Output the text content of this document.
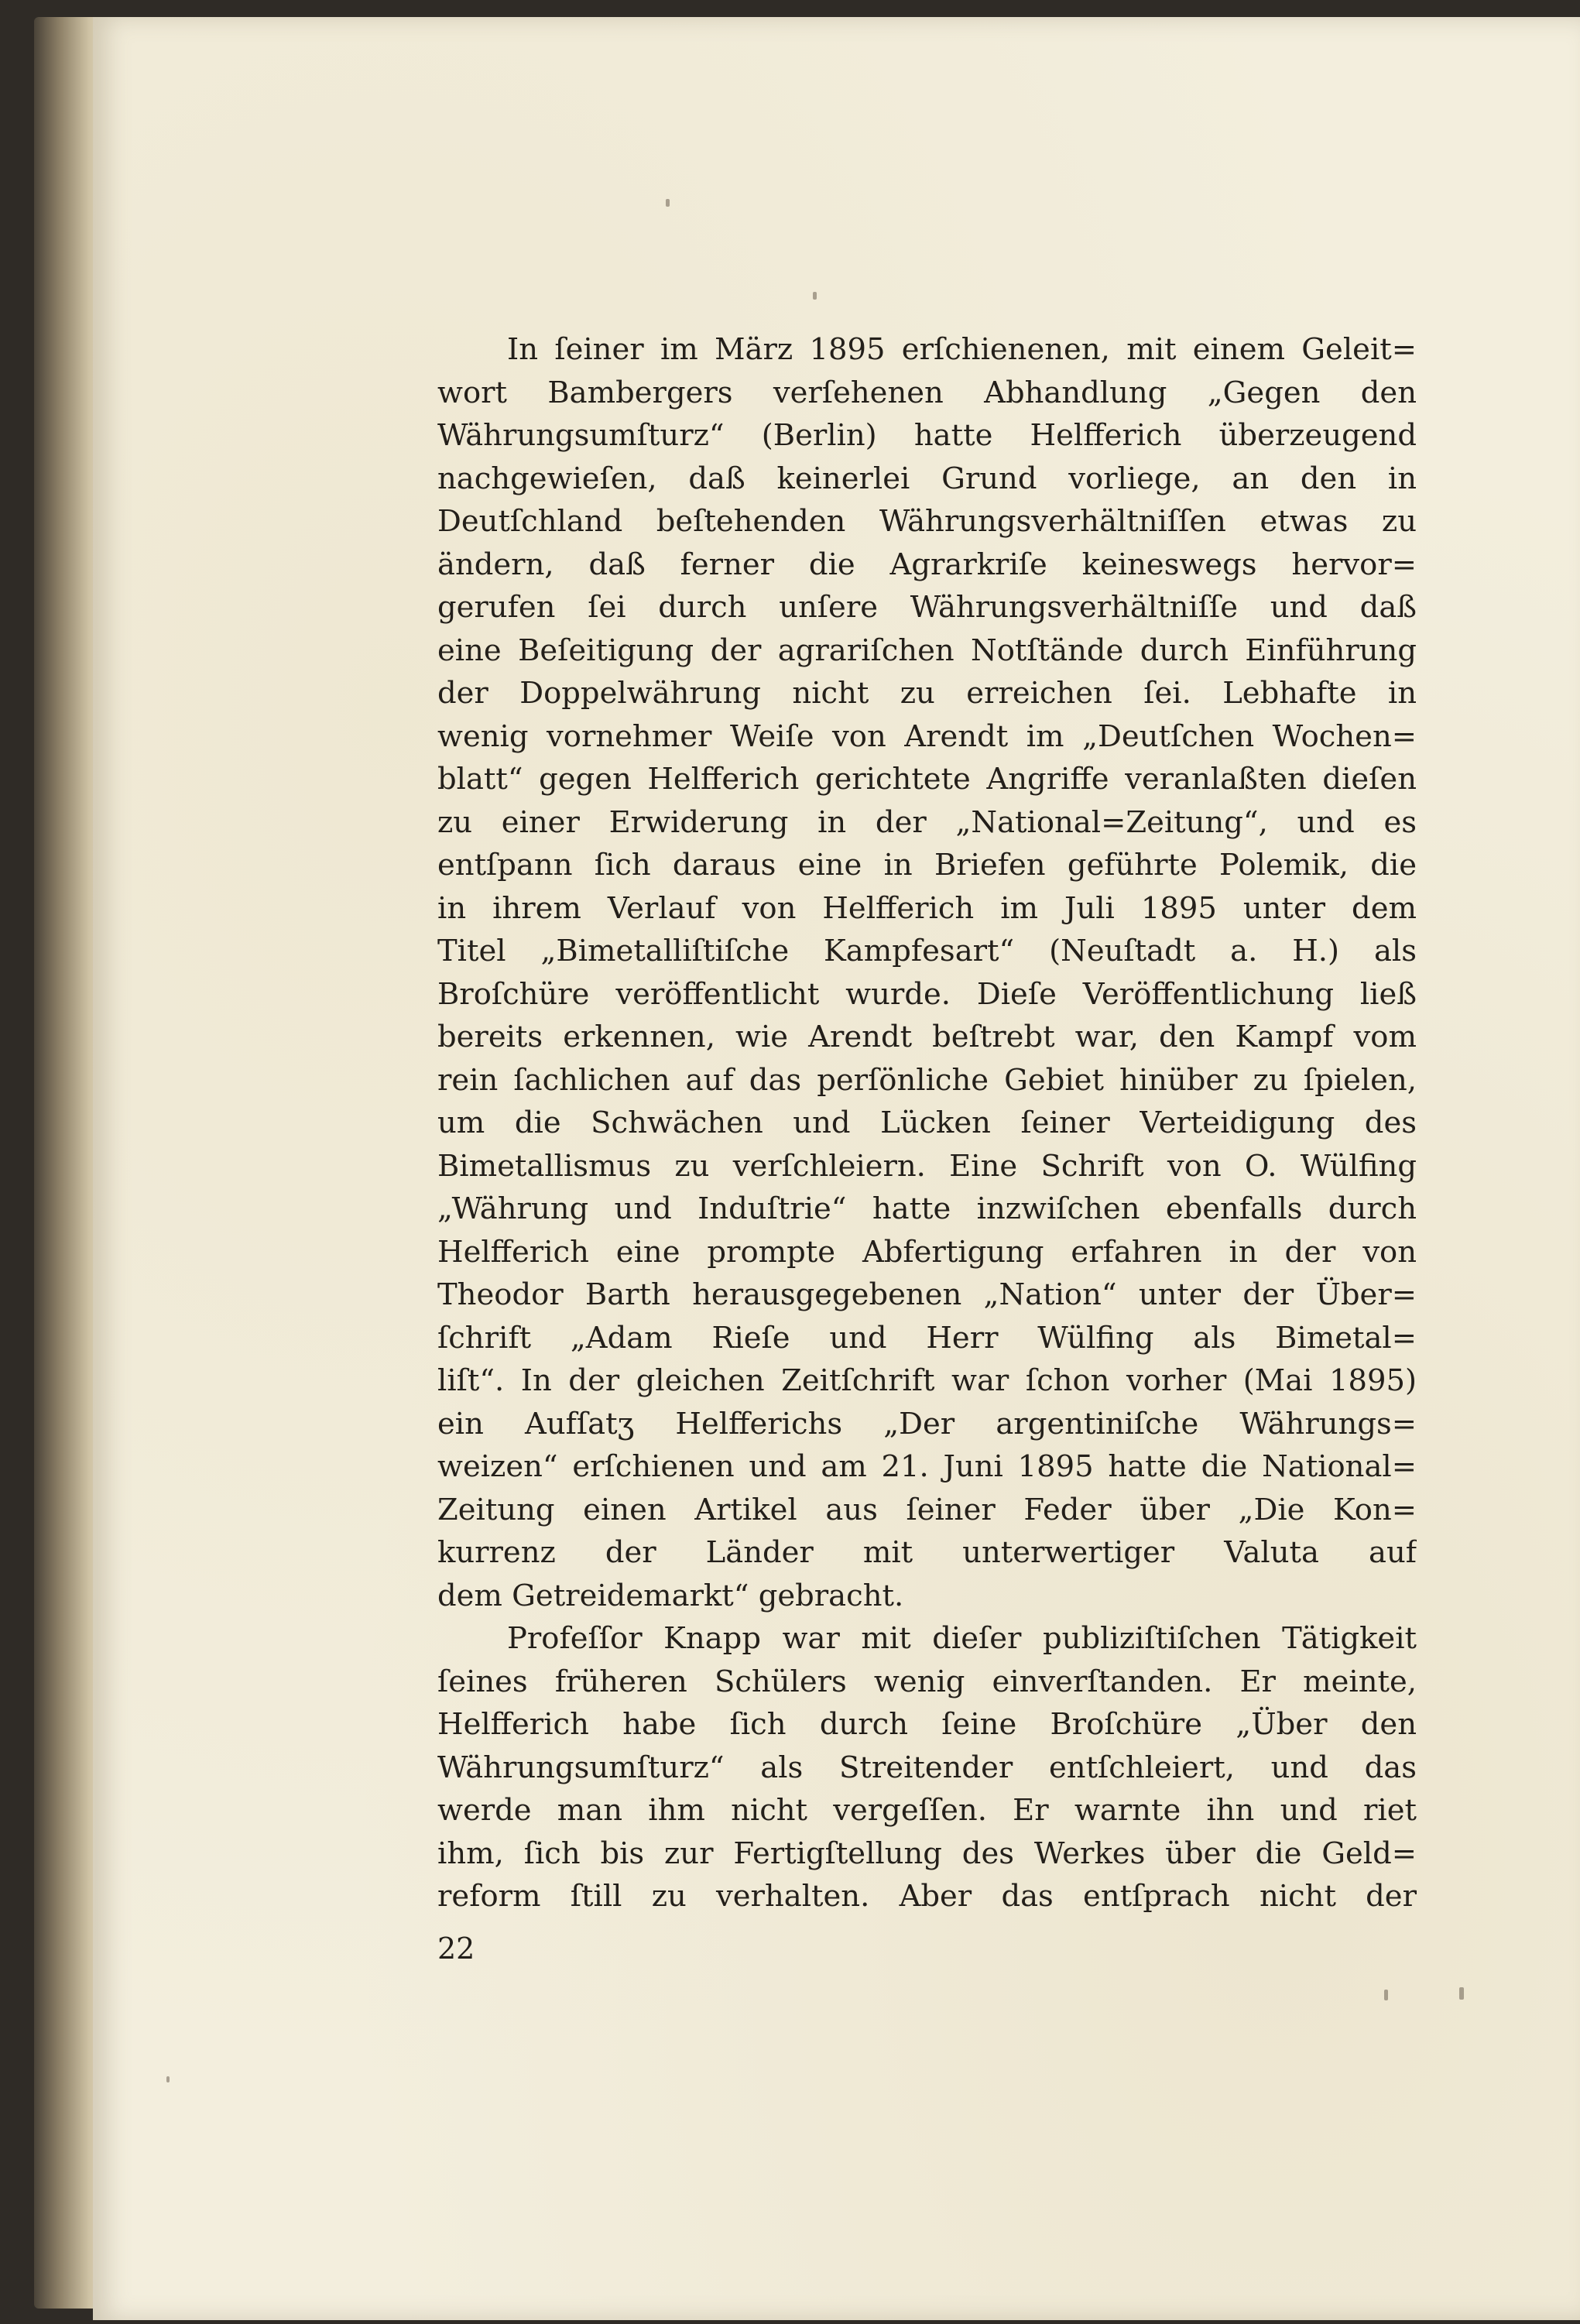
In ſeiner im März 1895 erſchienenen, mit einem Geleit=
wort Bambergers verſehenen Abhandlung „Gegen den
Währungsumſturz“ (Berlin) hatte Helfferich überzeugend
nachgewieſen, daß keinerlei Grund vorliege, an den in
Deutſchland beſtehenden Währungsverhältniſſen etwas zu
ändern, daß ferner die Agrarkriſe keineswegs hervor=
gerufen ſei durch unſere Währungsverhältniſſe und daß
eine Beſeitigung der agrariſchen Notſtände durch Einführung
der Doppelwährung nicht zu erreichen ſei. Lebhafte in
wenig vornehmer Weiſe von Arendt im „Deutſchen Wochen=
blatt“ gegen Helfferich gerichtete Angriffe veranlaßten dieſen
zu einer Erwiderung in der „National=Zeitung“, und es
entſpann ſich daraus eine in Briefen geführte Polemik, die
in ihrem Verlauf von Helfferich im Juli 1895 unter dem
Titel „Bimetalliſtiſche Kampfesart“ (Neuſtadt a. H.) als
Broſchüre veröffentlicht wurde. Dieſe Veröffentlichung ließ
bereits erkennen, wie Arendt beſtrebt war, den Kampf vom
rein ſachlichen auf das perſönliche Gebiet hinüber zu ſpielen,
um die Schwächen und Lücken ſeiner Verteidigung des
Bimetallismus zu verſchleiern. Eine Schrift von O. Wülfing
„Währung und Induſtrie“ hatte inzwiſchen ebenfalls durch
Helfferich eine prompte Abfertigung erfahren in der von
Theodor Barth herausgegebenen „Nation“ unter der Über=
ſchrift „Adam Rieſe und Herr Wülfing als Bimetal=
liſt“. In der gleichen Zeitſchrift war ſchon vorher (Mai 1895)
ein Aufſatʒ Helfferichs „Der argentiniſche Währungs=
weizen“ erſchienen und am 21. Juni 1895 hatte die National=
Zeitung einen Artikel aus ſeiner Feder über „Die Kon=
kurrenz der Länder mit unterwertiger Valuta auf
dem Getreidemarkt“ gebracht.
Profeſſor Knapp war mit dieſer publiziſtiſchen Tätigkeit
ſeines früheren Schülers wenig einverſtanden. Er meinte,
Helfferich habe ſich durch ſeine Broſchüre „Über den
Währungsumſturz“ als Streitender entſchleiert, und das
werde man ihm nicht vergeſſen. Er warnte ihn und riet
ihm, ſich bis zur Fertigſtellung des Werkes über die Geld=
reform ſtill zu verhalten. Aber das entſprach nicht der
22
